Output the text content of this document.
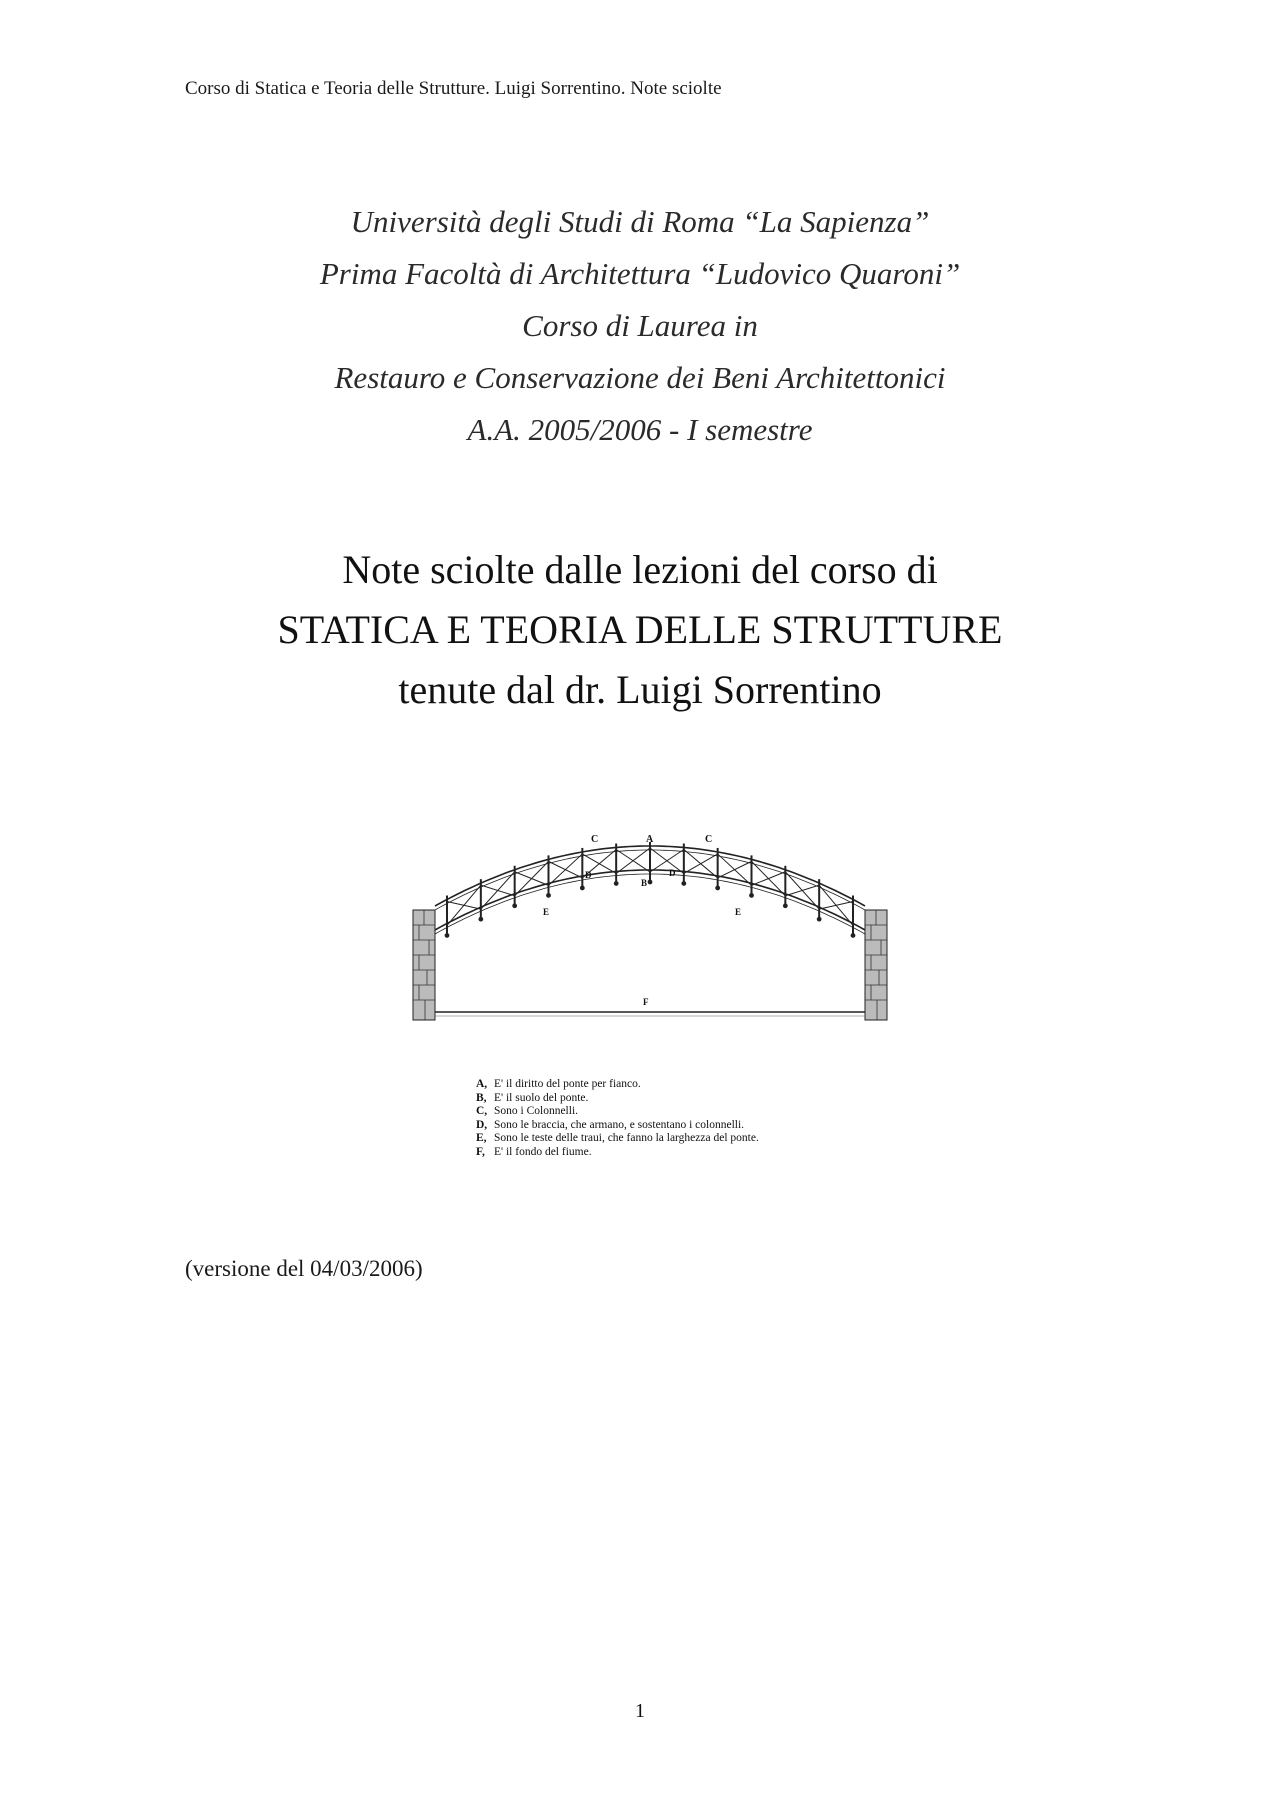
Corso di Statica e Teoria delle Strutture. Luigi Sorrentino. Note sciolte
Università degli Studi di Roma “La Sapienza”
Prima Facoltà di Architettura “Ludovico Quaroni”
Corso di Laurea in
Restauro e Conservazione dei Beni Architettonici
A.A. 2005/2006 - I semestre
Note sciolte dalle lezioni del corso di
STATICA E TEORIA DELLE STRUTTURE
tenute dal dr. Luigi Sorrentino
A
C	C
B
D	D
E	E
F
A, E' il diritto del ponte per fianco.
B, E' il suolo del ponte.
C, Sono i Colonnelli.
D, Sono le braccia, che armano, e sostentano i colonnelli.
E, Sono le teste delle traui, che fanno la larghezza del ponte.
F, E' il fondo del fiume.
(versione del 04/03/2006)
1
